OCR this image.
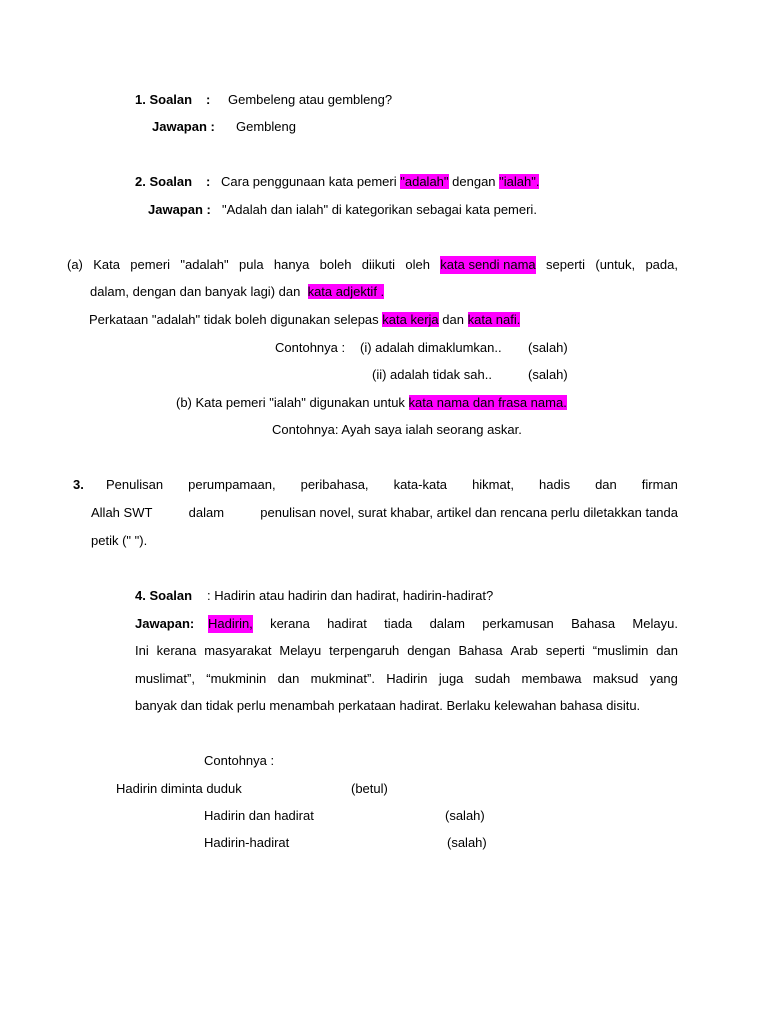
1. Soalan : Gembeleng atau gembleng?
Jawapan : Gembleng
2. Soalan : Cara penggunaan kata pemeri "adalah" dengan "ialah".
Jawapan : "Adalah dan ialah" di kategorikan sebagai kata pemeri.
(a) Kata pemeri "adalah" pula hanya boleh diikuti oleh kata sendi nama seperti (untuk, pada,
dalam, dengan dan banyak lagi) dan kata adjektif .
Perkataan "adalah" tidak boleh digunakan selepas kata kerja dan kata nafi.
Contohnya : (i) adalah dimaklumkan.. (salah)
(ii) adalah tidak sah..	(salah)
(b) Kata pemeri "ialah" digunakan untuk kata nama dan frasa nama.
Contohnya: Ayah saya ialah seorang askar.
3. Penulisan perumpamaan, peribahasa, kata-kata hikmat, hadis dan firman
Allah SWT	dalam	penulisan novel, surat khabar, artikel dan rencana perlu diletakkan tanda
petik (" ").
4. Soalan : Hadirin atau hadirin dan hadirat, hadirin-hadirat?
Jawapan: Hadirin, kerana hadirat tiada dalam perkamusan Bahasa Melayu.
Ini kerana masyarakat Melayu terpengaruh dengan Bahasa Arab seperti “muslimin dan
muslimat”, “mukminin dan mukminat”. Hadirin juga sudah membawa maksud yang
banyak dan tidak perlu menambah perkataan hadirat. Berlaku kelewahan bahasa disitu.
Contohnya :
Hadirin diminta duduk	(betul)
Hadirin dan hadirat	(salah)
Hadirin-hadirat	(salah)
